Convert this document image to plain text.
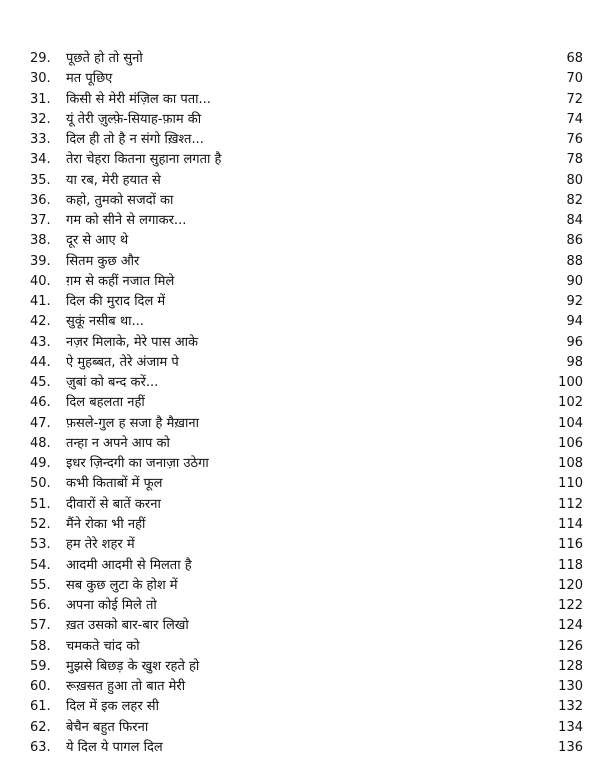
29.	पूछते हो तो सुनो	68
30.	मत पूछिए	70
31.	किसी से मेरी मंज़िल का पता...	72
32.	यूं तेरी ज़ुल्फ़े-सियाह-फ़ाम की	74
33.	दिल ही तो है न संगो ख़िश्त...	76
34.	तेरा चेहरा कितना सुहाना लगता है	78
35.	या रब, मेरी हयात से	80
36.	कहो, तुमको सजदों का	82
37.	गम को सीने से लगाकर...	84
38.	दूर से आए थे	86
39.	सितम कुछ और	88
40.	ग़म से कहीं नजात मिले	90
41.	दिल की मुराद दिल में	92
42.	सुकूं नसीब था...	94
43.	नज़र मिलाके, मेरे पास आके	96
44.	ऐ मुहब्बत, तेरे अंजाम पे	98
45.	ज़ुबां को बन्द करें...	100
46.	दिल बहलता नहीं	102
47.	फ़सले-गुल ह सजा है मैख़ाना	104
48.	तन्हा न अपने आप को	106
49.	इधर ज़िन्दगी का जनाज़ा उठेगा	108
50.	कभी किताबों में फूल	110
51.	दीवारों से बातें करना	112
52.	मैंने रोका भी नहीं	114
53.	हम तेरे शहर में	116
54.	आदमी आदमी से मिलता है	118
55.	सब कुछ लुटा के होश में	120
56.	अपना कोई मिले तो	122
57.	ख़त उसको बार-बार लिखो	124
58.	चमकते चांद को	126
59.	मुझसे बिछड़ के खुश रहते हो	128
60.	रूख़सत हुआ तो बात मेरी	130
61.	दिल में इक लहर सी	132
62.	बेचैन बहुत फिरना	134
63.	ये दिल ये पागल दिल	136
